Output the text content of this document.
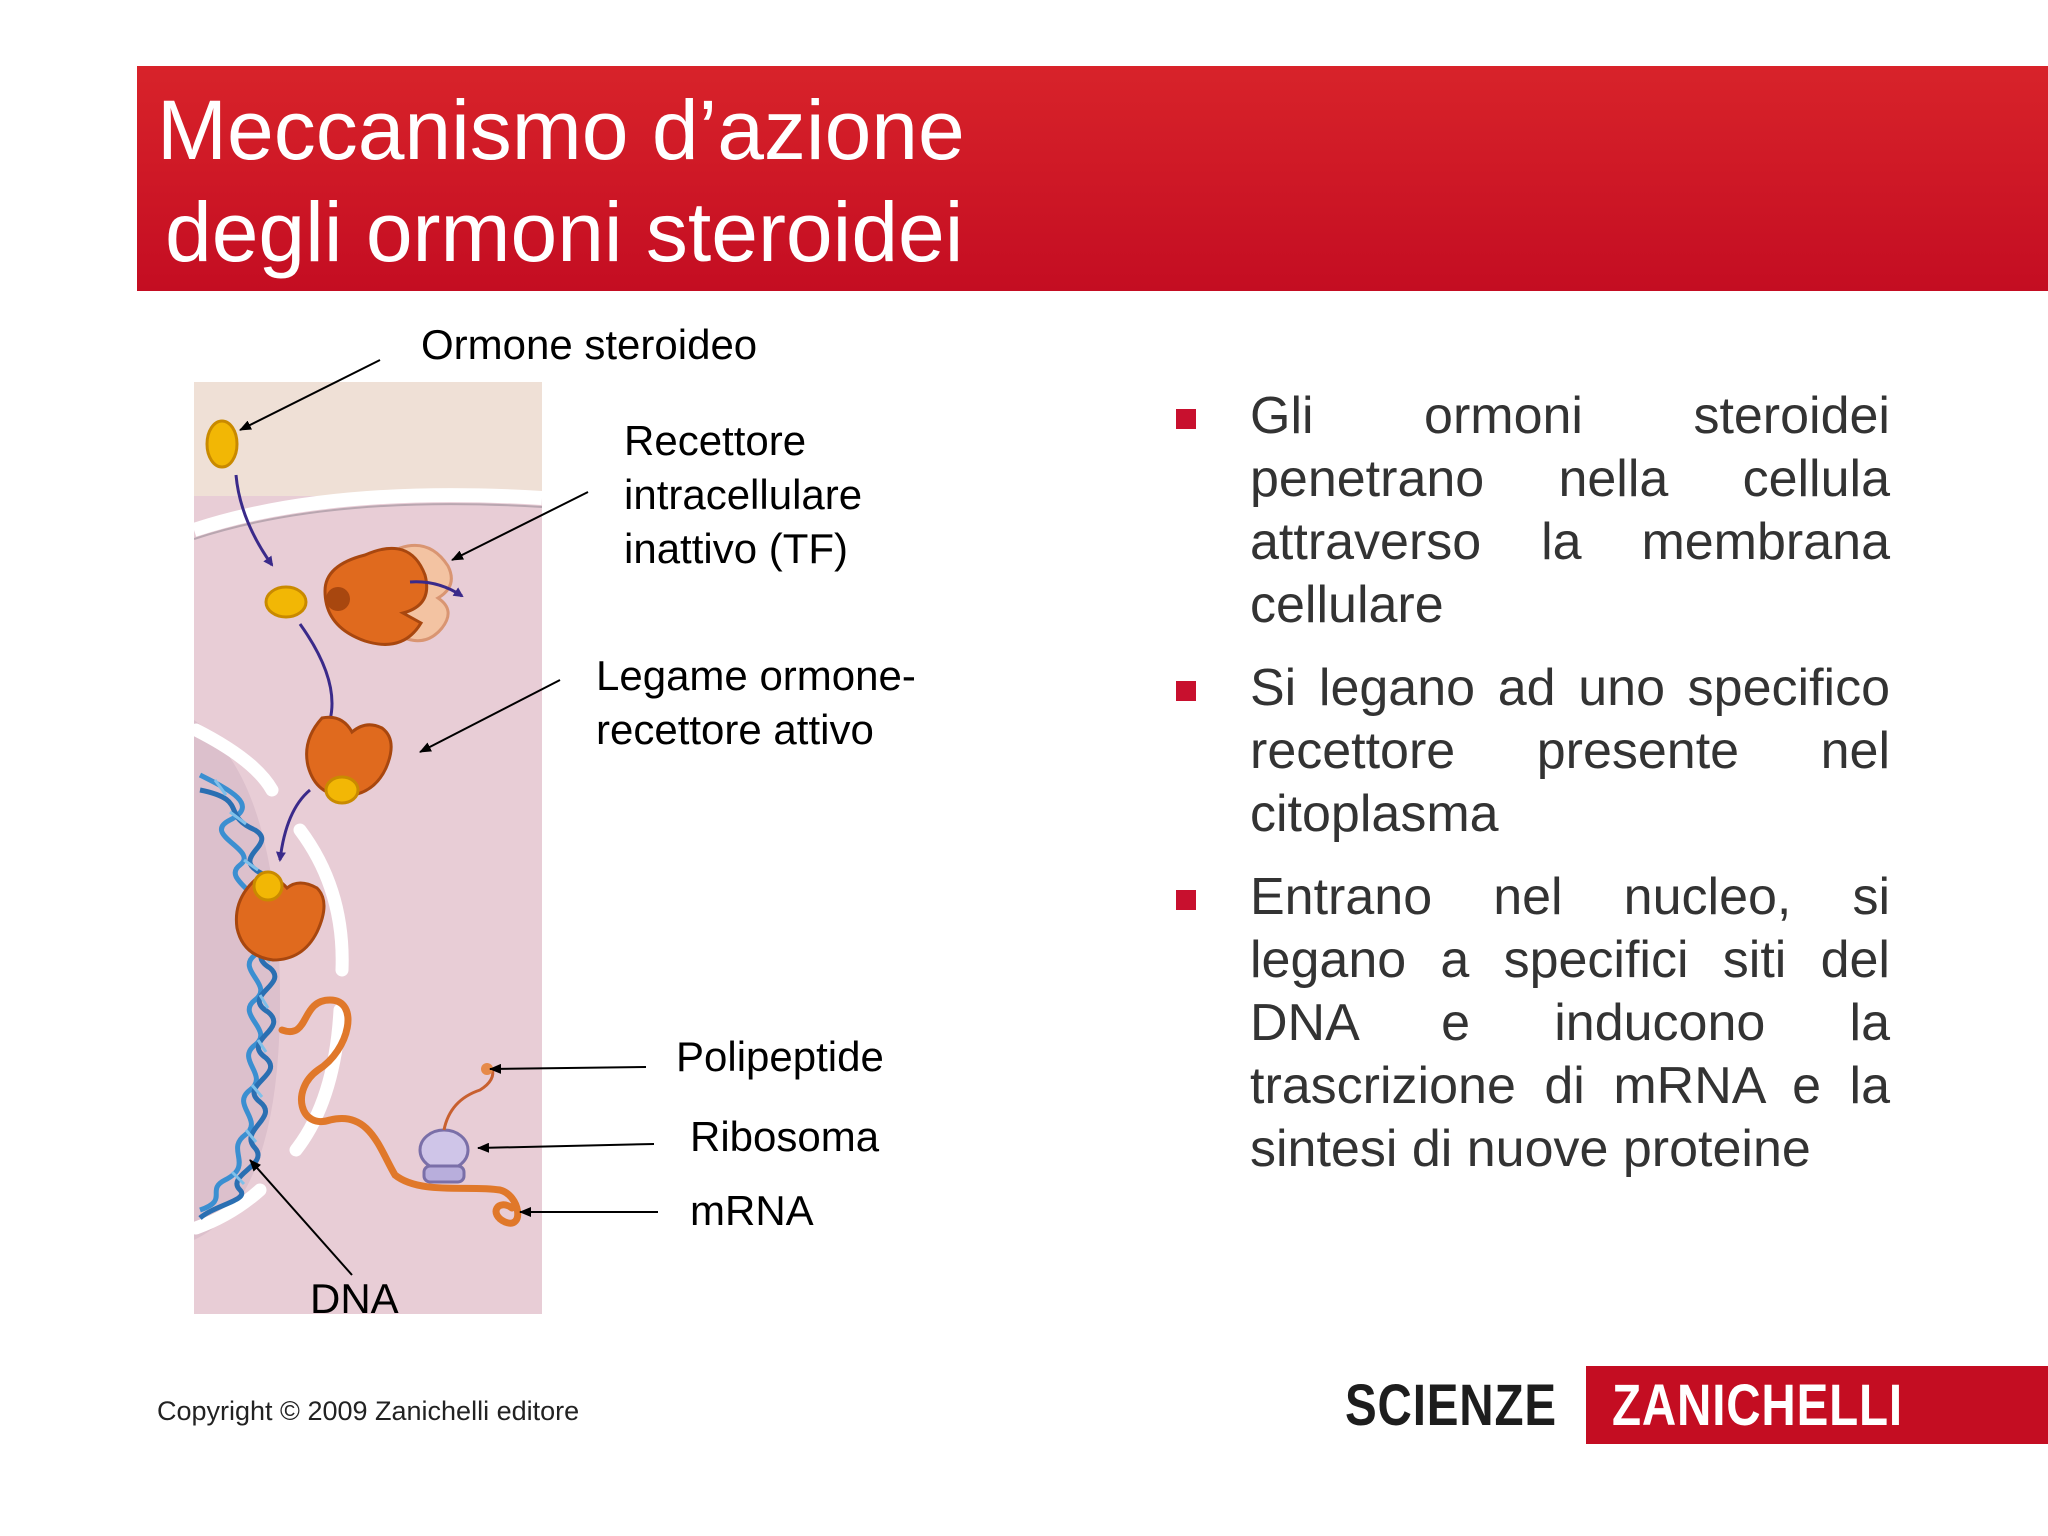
Meccanismo d’azione
degli ormoni steroidei
Ormone steroideo
Recettore
intracellulare
inattivo (TF)
Legame ormone-
recettore attivo
Polipeptide
Ribosoma
mRNA
DNA
Gli ormoni steroidei penetrano nella cellula attraverso la membrana cellulare
Si legano ad uno specifico recettore presente nel citoplasma
Entrano nel nucleo, si legano a specifici siti del DNA e inducono la trascrizione di mRNA e la sintesi di nuove proteine
Copyright © 2009 Zanichelli editore	SCIENZE ZANICHELLI
